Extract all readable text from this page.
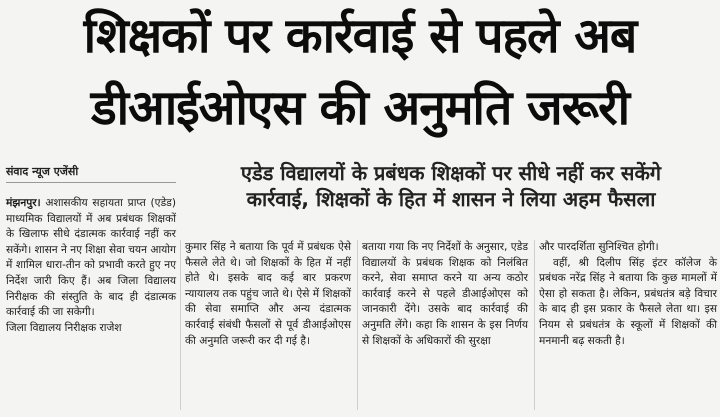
शिक्षकों पर कार्रवाई से पहले अब
डीआईओएस की अनुमति जरूरी
संवाद न्यूज एजेंसी	एडेड विद्यालयों के प्रबंधक शिक्षकों पर सीधे नहीं कर सकेंगे
कार्रवाई, शिक्षकों के हित में शासन ने लिया अहम फैसला
मंझनपुर। अशासकीय सहायता प्राप्त (एडेड) माध्यमिक विद्यालयों में अब प्रबंधक शिक्षकों के खिलाफ सीधे दंडात्मक कार्रवाई नहीं कर सकेंगे। शासन ने नए शिक्षा सेवा चयन आयोग में शामिल धारा-तीन को प्रभावी करते हुए नए निर्देश जारी किए हैं। अब जिला विद्यालय निरीक्षक की संस्तुति के बाद ही दंडात्मक कार्रवाई की जा सकेगी।
जिला विद्यालय निरीक्षक राजेश
कुमार सिंह ने बताया कि पूर्व में प्रबंधक ऐसे फैसले लेते थे। जो शिक्षकों के हित में नहीं होते थे। इसके बाद कई बार प्रकरण न्यायालय तक पहुंच जाते थे। ऐसे में शिक्षकों की सेवा समाप्ति और अन्य दंडात्मक कार्रवाई संबंधी फैसलों से पूर्व डीआईओएस की अनुमति जरूरी कर दी गई है।
बताया गया कि नए निर्देशों के अनुसार, एडेड विद्यालयों के प्रबंधक शिक्षक को निलंबित करने, सेवा समाप्त करने या अन्य कठोर कार्रवाई करने से पहले डीआईओएस को जानकारी देंगे। उसके बाद कार्रवाई की अनुमति लेंगे। कहा कि शासन के इस निर्णय से शिक्षकों के अधिकारों की सुरक्षा
और पारदर्शिता सुनिश्चित होगी।
वहीं, श्री दिलीप सिंह इंटर कॉलेज के प्रबंधक नरेंद्र सिंह ने बताया कि कुछ मामलों में ऐसा हो सकता है। लेकिन, प्रबंधतंत्र बड़े विचार के बाद ही इस प्रकार के फैसले लेता था। इस नियम से प्रबंधतंत्र के स्कूलों में शिक्षकों की मनमानी बढ़ सकती है।
